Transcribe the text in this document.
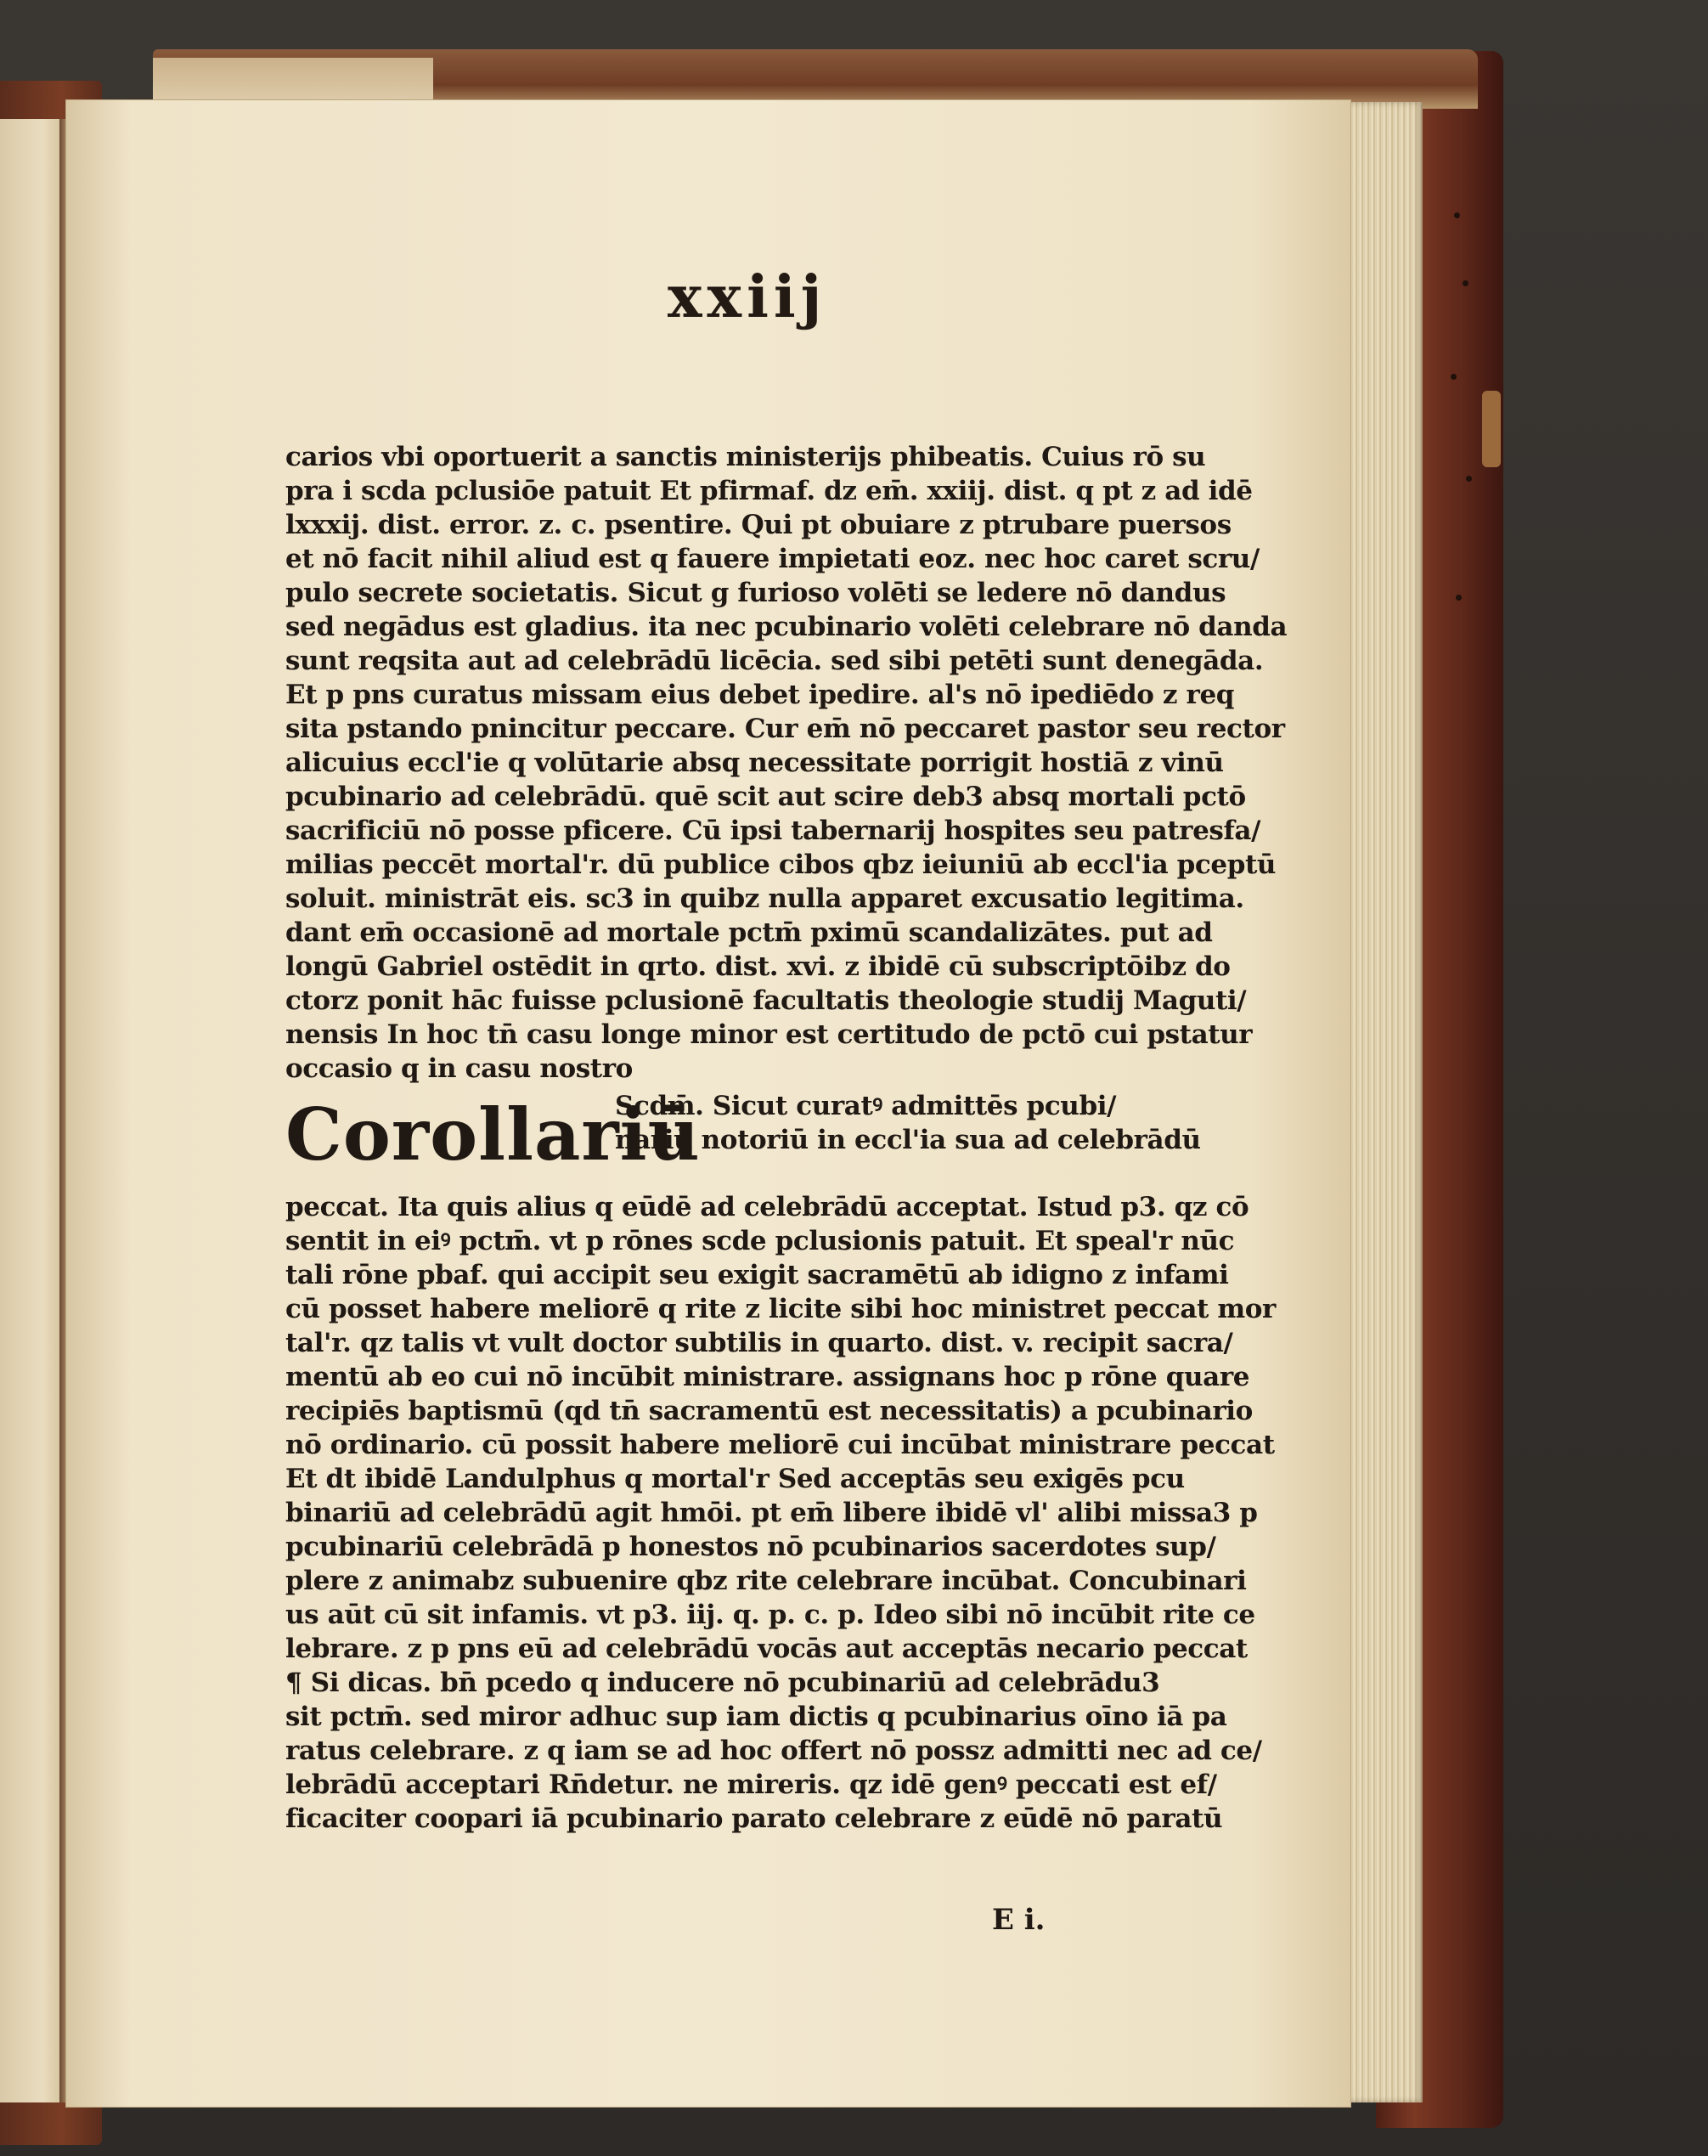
xxiij
carios vbi oportuerit a sanctis ministerijs phibeatis. Cuius rō su
pra i scda pclusiōe patuit Et pfirmaf. dz em̄. xxiij. dist. q pt z ad idē
lxxxij. dist. error. z. c. psentire. Qui pt obuiare z ptrubare puersos
et nō facit nihil aliud est q fauere impietati eoz. nec hoc caret scru/
pulo secrete societatis. Sicut g furioso volēti se ledere nō dandus
sed negādus est gladius. ita nec pcubinario volēti celebrare nō danda
sunt reqsita aut ad celebrādū licēcia. sed sibi petēti sunt denegāda.
Et p pns curatus missam eius debet ipedire. al's nō ipediēdo z req
sita pstando pnincitur peccare. Cur em̄ nō peccaret pastor seu rector
alicuius eccl'ie q volūtarie absq necessitate porrigit hostiā z vinū
pcubinario ad celebrādū. quē scit aut scire deb3 absq mortali pctō
sacrificiū nō posse pficere. Cū ipsi tabernarij hospites seu patresfa/
milias peccēt mortal'r. dū publice cibos qbz ieiuniū ab eccl'ia pceptū
soluit. ministrāt eis. sc3 in quibz nulla apparet excusatio legitima.
dant em̄ occasionē ad mortale pctm̄ pximū scandalizātes. put ad
longū Gabriel ostēdit in qrto. dist. xvi. z ibidē cū subscriptōibz do
ctorz ponit hāc fuisse pclusionē facultatis theologie studij Maguti/
nensis In hoc tn̄ casu longe minor est certitudo de pctō cui pstatur
occasio q in casu nostro
Corollariū
Scdm̄. Sicut curatꝰ admittēs pcubi/
nariū notoriū in eccl'ia sua ad celebrādū
peccat. Ita quis alius q eūdē ad celebrādū acceptat. Istud p3. qz cō
sentit in eiꝰ pctm̄. vt p rōnes scde pclusionis patuit. Et speal'r nūc
tali rōne pbaf. qui accipit seu exigit sacramētū ab idigno z infami
cū posset habere meliorē q rite z licite sibi hoc ministret peccat mor
tal'r. qz talis vt vult doctor subtilis in quarto. dist. v. recipit sacra/
mentū ab eo cui nō incūbit ministrare. assignans hoc p rōne quare
recipiēs baptismū (qd tn̄ sacramentū est necessitatis) a pcubinario
nō ordinario. cū possit habere meliorē cui incūbat ministrare peccat
Et dt ibidē Landulphus q mortal'r Sed acceptās seu exigēs pcu
binariū ad celebrādū agit hmōi. pt em̄ libere ibidē vl' alibi missa3 p
pcubinariū celebrādā p honestos nō pcubinarios sacerdotes sup/
plere z animabz subuenire qbz rite celebrare incūbat. Concubinari
us aūt cū sit infamis. vt p3. iij. q. p. c. p. Ideo sibi nō incūbit rite ce
lebrare. z p pns eū ad celebrādū vocās aut acceptās necario peccat
¶ Si dicas. bn̄ pcedo q inducere nō pcubinariū ad celebrādu3
sit pctm̄. sed miror adhuc sup iam dictis q pcubinarius oīno iā pa
ratus celebrare. z q iam se ad hoc offert nō possz admitti nec ad ce/
lebrādū acceptari Rn̄detur. ne mireris. qz idē genꝰ peccati est ef/
ficaciter coopari iā pcubinario parato celebrare z eūdē nō paratū
E i.
